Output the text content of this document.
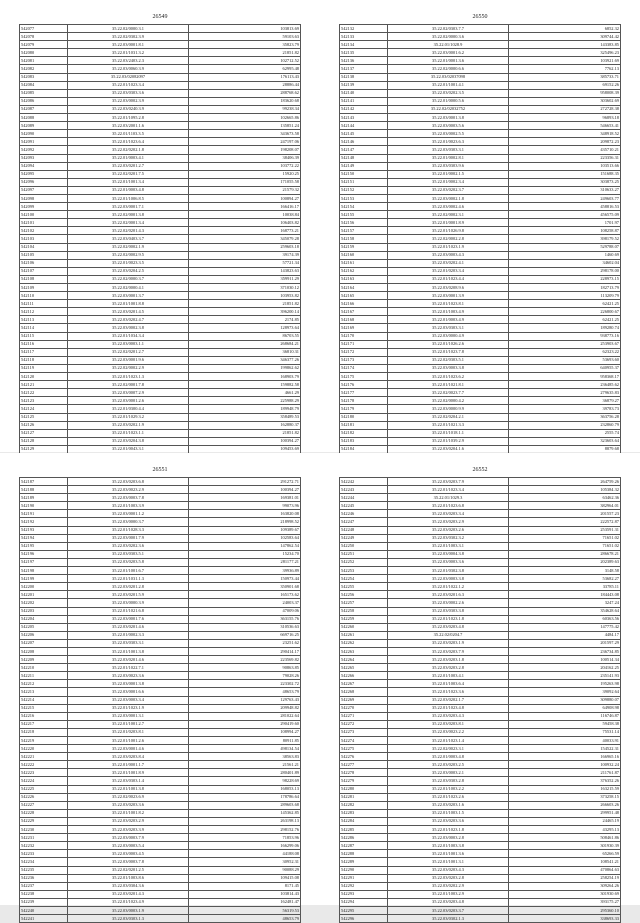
26549
542077	35.22.02/0000.3.1	103813.69
542078	35.22.02/0302.3.9	59103.63
542079	35.22.03/0001.8.1	35823.79
542080	35.22.01/1031.3.2	21851.82
542081	35.22.03/2403.2.3	102712.52
542082	35.22.03/0060.3.9	62995.48
542083	35.22.03/02082097	176113.43
542084	35.22.01/1023.3.4	28886.44
542085	35.22.03/0303.3.6	288768.62
542086	35.22.03/0002.3.9	183620.68
542087	35.22.03/0240.3.9	99238.34
542088	35.22.01/1095.2.8	102665.86
542089	35.22.03/2001.1.6	135851.24
542090	35.22.01/1103.3.5	343673.58
542091	35.22.01/1023.6.4	247197.06
542092	35.22.02/0202.1.8	198208.07
542093	35.22.01/0003.4.1	38406.39
542094	35.22.03/0201.2.7	103772.22
542095	35.22.02/0201.7.5	15920.25
542096	35.22.01/1001.3.4	171055.58
542097	35.22.01/0003.4.8	21579.32
542098	35.22.01/1006.8.5	100894.27
542099	35.22.03/0001.7.1	166416.17
542100	35.22.02/0001.3.8	10038.84
542101	35.22.02/0001.3.4	106403.82
542102	35.22.02/0201.4.3	168773.21
542103	35.22.03/0403.3.7	345079.28
542104	35.22.02/0002.1.9	259603.18
542105	35.22.02/0002.9.5	39174.39
542106	35.22.01/0023.3.5	57721.34
542107	35.22.03/0204.2.5	143823.63
542108	35.22.02/0000.3.7	359911.29
542109	35.22.02/0000.4.1	371030.12
542110	35.22.03/0001.3.7	103953.82
542111	35.22.01/1001.8.8	21851.82
542112	35.22.03/0201.4.5	396200.14
542113	35.22.03/0202.4.7	2174.85
542114	35.22.03/0002.3.8	128973.64
542115	35.22.01/1034.3.4	86703.55
542116	35.22.03/0003.1.1	268684.21
542117	35.22.02/0201.2.7	36810.31
542118	35.22.03/0001.9.6	346377.26
542119	35.22.02/0002.2.9	199862.62
542120	35.22.01/1023.1.3	168903.79
542121	35.22.02/0001.7.8	159882.58
542122	35.22.03/0007.2.9	4661.29
542123	35.22.03/0001.2.6	225988.29
542124	35.22.01/0300.4.4	189948.79
542125	35.22.01/1029.3.2	358489.53
542126	35.22.03/0202.1.9	162880.37
542127	35.22.01/1023.1.1	21851.82
542128	35.22.03/0204.3.8	100394.27
542129	35.22.01/0043.3.1	109453.69

26550
542132	35.22.02/0303.7.7	6852.32
542133	35.22.02/0000.3.6	309744.42
542134	35.22.01/1028.9	143383.85
542135	35.22.03/0001.6.2	325496.23
542136	35.22.01/0001.3.6	103921.69
542137	35.22.02/0000.6.6	7762.13
542138	35.22.03/02037098	385733.71
542139	35.22.01/1001.4.1	69152.26
542140	35.22.03/0202.3.5	958008.39
542141	35.22.01/0000.5.6	303602.69
542142	35.22.02/02032752	272728.38
542143	35.22.03/0001.3.8	96893.18
542144	35.22.03/0003.5.6	546653.41
542145	35.22.03/0002.5.5	348918.52
542146	35.22.01/0023.6.3	209872.23
542147	35.22.03/0303.3.1	435710.21
542148	35.22.01/0002.8.1	223356.31
542149	35.22.03/0303.9.6	103513.66
542150	35.22.01/0002.1.5	151688.35
542151	35.22.01/0002.3.4	303873.25
542152	35.22.03/0202.3.7	310633.27
542153	35.22.03/0002.1.8	249603.77
542154	35.22.03/0002.4.6	458816.53
542155	35.22.02/0002.3.1	456575.09
542156	35.22.01/0001.8.9	1701.97
542157	35.22.01/1026.9.8	108258.87
542158	35.22.02/0002.2.8	398179.52
542159	35.22.01/1023.1.9	529788.07
542160	35.22.03/0003.4.3	1460.69
542161	35.22.03/0202.4.1	34602.04
542162	35.22.01/0203.3.4	298178.00
542163	35.22.01/1023.4.4	228973.15
542164	35.22.03/0208.9.6	182713.79
542165	35.22.03/0001.3.9	113209.79
542166	35.22.01/1023.8.1	62421.25
542167	35.22.01/1003.4.9	226800.67
542168	35.22.01/0003.4.9	62421.25
542169	35.22.03/0303.3.1	189280.74
542170	35.22.03/0000.4.9	938773.16
542171	35.22.01/1026.2.6	253903.67
542172	35.22.01/1023.7.8	62323.22
542173	35.22.02/0303.5.1	53693.60
542174	35.22.03/0003.3.8	640955.37
542175	35.22.01/1023.6.2	958368.17
542176	35.22.01/1021.8.1	236485.62
542177	35.22.02/0023.7.7	279635.83
542178	35.22.02/0000.4.2	36879.27
542179	35.22.03/0000.9.9	39783.73
542180	35.22.02/0204.2.1	363756.28
542181	35.22.01/1021.3.3	232860.79
542182	35.22.01/1018.1.1	2555.74
542183	35.22.01/1039.2.9	323603.64
542184	35.22.03/0204.1.6	8879.68

26551
542187	35.22.03/0203.6.8	291272.71
542188	35.22.03/0023.2.9	100394.27
542189	35.22.03/0003.7.8	169381.01
542190	35.22.01/1003.3.9	99073.96
542191	35.22.03/0001.1.2	163820.08
542192	35.22.03/0000.3.7	218998.52
542193	35.22.01/1028.3.3	109389.67
542194	35.22.03/0001.7.9	102583.64
542195	35.22.03/0202.3.6	147862.54
542196	35.22.03/0303.5.1	15234.70
542197	35.22.03/0203.5.8	281177.21
542198	35.22.01/1001.6.7	39936.89
542199	35.22.01/1031.1.3	150973.44
542200	35.22.03/0201.2.8	350901.68
542201	35.22.03/0201.5.9	165173.62
542202	35.22.03/0000.3.9	24003.37
542203	35.22.01/1021.6.8	47009.06
542204	35.22.03/0001.7.6	363155.76
542205	35.22.03/0201.4.6	310536.63
542206	35.22.01/0002.3.3	669716.25
542207	35.22.03/0303.3.1	23251.62
542208	35.22.01/1001.3.8	290414.17
542209	35.22.03/0201.4.6	223569.82
542210	35.22.01/1022.7.1	90863.85
542211	35.22.03/0023.3.6	79028.26
542212	35.22.03/0001.3.8	223302.72
542213	35.22.03/0001.6.6	48653.79
542214	35.22.03/0003.3.4	129763.43
542215	35.22.01/1023.1.9	209948.82
542216	35.22.03/0001.3.1	281022.64
542217	35.22.01/1001.2.7	290419.60
542218	35.22.01/0203.8.1	108994.27
542219	35.22.01/1001.2.6	80911.85
542220	35.22.03/0001.4.6	498134.54
542221	35.22.03/0203.8.4	38563.83
542222	35.22.01/0001.1.7	21561.21
542223	35.22.01/1001.8.9	280401.89
542224	35.22.03/0303.1.4	98228.69
542225	35.22.01/1001.3.8	168053.13
542226	35.22.02/0023.6.9	178786.64
542227	35.22.03/0203.3.6	289603.68
542228	35.22.01/1001.8.2	145362.85
542229	35.22.03/0203.2.9	263198.13
542230	35.22.03/0203.3.9	298152.76
542231	35.22.03/0003.7.9	71853.96
542232	35.22.03/0003.5.4	166299.06
542233	35.22.03/0003.4.5	44188.08
542234	35.22.03/0003.7.8	30952.31
542235	35.22.02/0201.2.5	90088.29
542236	35.22.01/1003.8.6	109415.08
542237	35.22.03/0304.3.6	8171.45
542238	35.22.03/0201.4.3	103814.43
542239	35.22.01/1023.4.9	162481.47
542240	35.22.03/0003.1.9	56319.53
542241	35.22.03/0303.1.3	48653.79
26552
542242	35.22.03/0203.7.9	264759.26
542243	35.22.01/1023.3.4	105384.32
542244	35.22.01/1029.3	63462.36
542245	35.22.01/1023.6.8	382964.01
542246	35.22.03/0203.3.4	201557.23
542247	35.22.03/0203.2.9	222572.87
542248	35.22.03/0203.2.6	253591.31
542249	35.22.03/0302.3.2	71651.02
542250	35.22.01/1003.3.1	71651.02
542251	35.22.03/0004.3.8	286678.21
542252	35.22.03/0003.3.6	202389.63
542253	35.22.01/0302.3.8	3148.58
542254	35.22.03/0003.3.8	53682.27
542255	35.22.01/1022.1.2	33785.11
542256	35.22.03/0201.6.3	184443.08
542257	35.22.03/0002.2.6	3247.24
542258	35.22.03/0303.3.8	354628.64
542259	35.22.01/1023.1.8	60363.56
542260	35.22.03/0203.4.8	147775.42
542261	35.22.02/0204.7	4484.17
542262	35.22.03/0203.1.9	201597.29
542263	35.22.03/0203.7.9	236734.85
542264	35.22.03/0203.1.8	100514.34
542265	35.22.03/0203.2.8	204162.25
542266	35.22.01/1003.4.1	235141.93
542267	35.22.01/1003.6.4	195263.98
542268	35.22.01/1023.3.6	39092.64
542269	35.22.03/0202.1.7	309880.07
542270	35.22.01/1023.4.8	64908.98
542271	35.22.03/0203.4.3	116746.87
542272	35.22.03/0203.8.1	59458.38
542273	35.22.03/0023.2.2	75531.14
542274	35.22.01/1023.1.4	40033.91
542275	35.22.02/0023.3.1	154522.31
542276	35.22.01/0003.4.8	166965.16
542277	35.22.03/0203.2.5	100932.24
542278	35.22.03/0003.2.1	211761.87
542279	35.22.03/0303.2.8	376352.26
542280	35.22.01/1003.2.2	163215.59
542281	35.22.01/1023.2.6	373258.15
542282	35.22.03/0203.1.6	266603.26
542283	35.22.01/1003.1.5	299951.48
542284	35.22.03/0203.3.6	24465.19
542285	35.22.01/1023.1.8	43295.13
542286	35.22.03/0003.2.8	508461.86
542287	35.22.01/1003.3.8	301930.39
542288	35.22.01/1001.3.6	65266.59
542289	35.22.01/1001.3.1	108541.21
542290	35.22.03/0203.4.3	470864.63
542291	35.22.03/0203.2.8	258254.19
542292	35.22.03/0202.2.9	309264.26
542293	35.22.01/1003.2.9	301930.69
542294	35.22.03/0203.4.8	393175.27
542295	35.22.03/0203.3.7	295360.10
542296	35.22.03/0302.1.3	338693.33
